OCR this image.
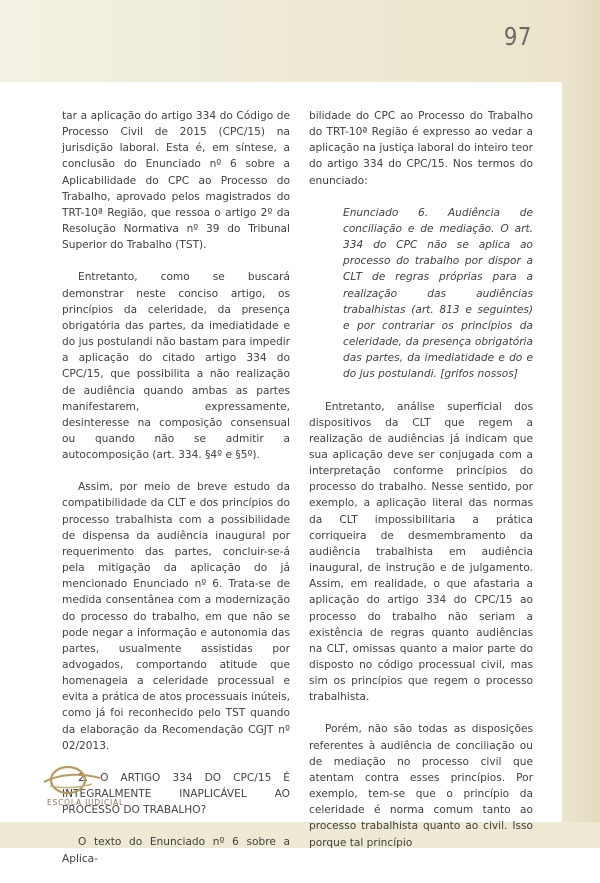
97

tar a aplicação do artigo 334 do Código de Processo Civil de 2015 (CPC/15) na jurisdição laboral. Esta é, em síntese, a conclusão do Enunciado nº 6 sobre a Aplicabilidade do CPC ao Processo do Trabalho, aprovado pelos magistrados do TRT-10ª Região, que ressoa o artigo 2º da Resolução Normativa nº 39 do Tribunal Superior do Trabalho (TST).

Entretanto, como se buscará demonstrar neste conciso artigo, os princípios da celeridade, da presença obrigatória das partes, da imediatidade e do jus postulandi não bastam para impedir a aplicação do citado artigo 334 do CPC/15, que possibilita a não realização de audiência quando ambas as partes manifestarem, expressamente, desinteresse na composição consensual ou quando não se admitir a autocomposição (art. 334. §4º e §5º).

Assim, por meio de breve estudo da compatibilidade da CLT e dos princípios do processo trabalhista com a possibilidade de dispensa da audiência inaugural por requerimento das partes, concluir-se-á pela mitigação da aplicação do já mencionado Enunciado nº 6. Trata-se de medida consentânea com a modernização do processo do trabalho, em que não se pode negar a informação e autonomia das partes, usualmente assistidas por advogados, comportando atitude que homenageia a celeridade processual e evita a prática de atos processuais inúteis, como já foi reconhecido pelo TST quando da elaboração da Recomendação CGJT nº 02/2013.

2. O ARTIGO 334 DO CPC/15 É INTEGRALMENTE INAPLICÁVEL AO PROCESSO DO TRABALHO?

O texto do Enunciado nº 6 sobre a Aplica-

bilidade do CPC ao Processo do Trabalho do TRT-10ª Região é expresso ao vedar a aplicação na justiça laboral do inteiro teor do artigo 334 do CPC/15. Nos termos do enunciado:

Enunciado 6. Audiência de conciliação e de mediação. O art. 334 do CPC não se aplica ao processo do trabalho por dispor a CLT de regras próprias para a realização das audiências trabalhistas (art. 813 e seguintes) e por contrariar os princípios da celeridade, da presença obrigatória das partes, da imediatidade e do e do jus postulandi. [grifos nossos]

Entretanto, análise superficial dos dispositivos da CLT que regem a realização de audiências já indicam que sua aplicação deve ser conjugada com a interpretação conforme princípios do processo do trabalho. Nesse sentido, por exemplo, a aplicação literal das normas da CLT impossibilitaria a prática corriqueira de desmembramento da audiência trabalhista em audiência inaugural, de instrução e de julgamento. Assim, em realidade, o que afastaria a aplicação do artigo 334 do CPC/15 ao processo do trabalho não seriam a existência de regras quanto audiências na CLT, omissas quanto a maior parte do disposto no código processual civil, mas sim os princípios que regem o processo trabalhista.

Porém, não são todas as disposições referentes à audiência de conciliação ou de mediação no processo civil que atentam contra esses princípios. Por exemplo, tem-se que o princípio da celeridade é norma comum tanto ao processo trabalhista quanto ao civil. Isso porque tal princípio

ESCOLA JUDICIAL
